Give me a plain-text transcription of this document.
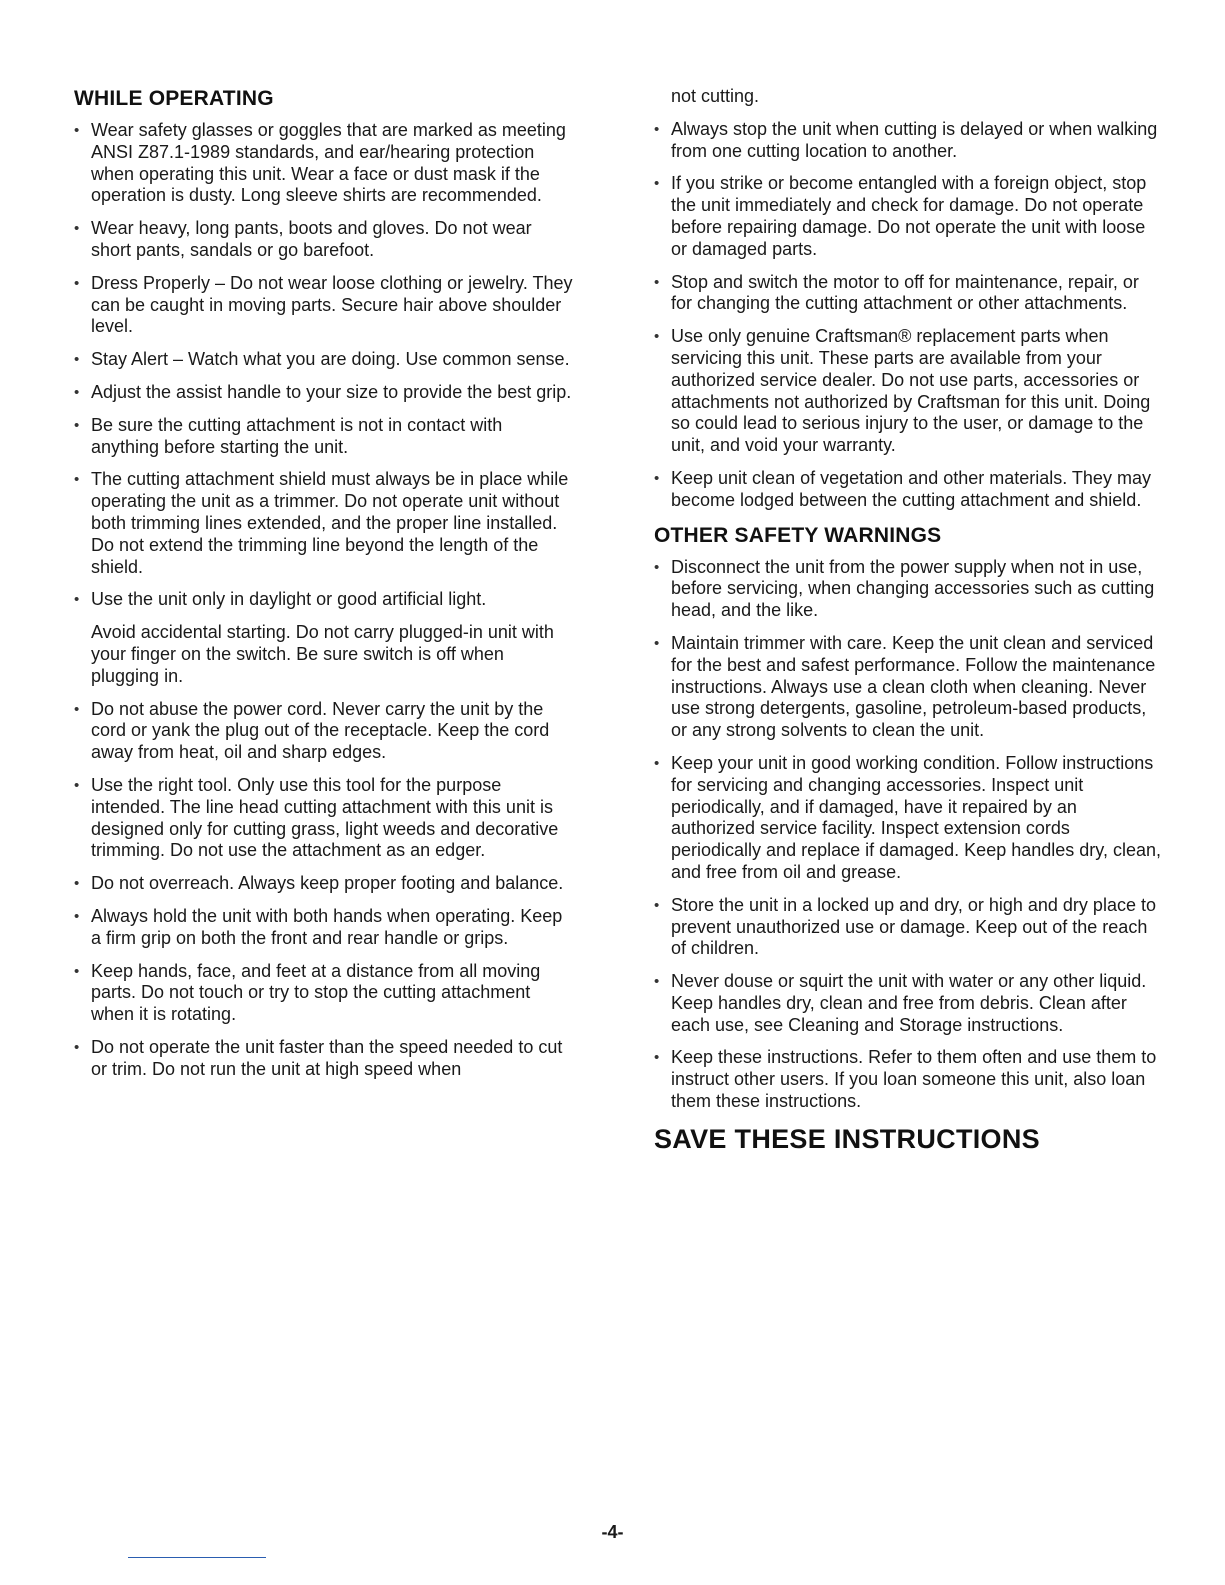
WHILE OPERATING
• Wear safety glasses or goggles that are marked as meeting ANSI Z87.1-1989 standards, and ear/hearing protection when operating this unit. Wear a face or dust mask if the operation is dusty. Long sleeve shirts are recommended.
• Wear heavy, long pants, boots and gloves. Do not wear short pants, sandals or go barefoot.
• Dress Properly – Do not wear loose clothing or jewelry. They can be caught in moving parts. Secure hair above shoulder level.
• Stay Alert – Watch what you are doing. Use common sense.
• Adjust the assist handle to your size to provide the best grip.
• Be sure the cutting attachment is not in contact with anything before starting the unit.
• The cutting attachment shield must always be in place while operating the unit as a trimmer. Do not operate unit without both trimming lines extended, and the proper line installed. Do not extend the trimming line beyond the length of the shield.
• Use the unit only in daylight or good artificial light.

Avoid accidental starting. Do not carry plugged-in unit with your finger on the switch. Be sure switch is off when plugging in.

• Do not abuse the power cord. Never carry the unit by the cord or yank the plug out of the receptacle. Keep the cord away from heat, oil and sharp edges.
• Use the right tool. Only use this tool for the purpose intended. The line head cutting attachment with this unit is designed only for cutting grass, light weeds and decorative trimming. Do not use the attachment as an edger.
• Do not overreach. Always keep proper footing and balance.
• Always hold the unit with both hands when operating. Keep a firm grip on both the front and rear handle or grips.
• Keep hands, face, and feet at a distance from all moving parts. Do not touch or try to stop the cutting attachment when it is rotating.
• Do not operate the unit faster than the speed needed to cut or trim. Do not run the unit at high speed when

not cutting.

• Always stop the unit when cutting is delayed or when walking from one cutting location to another.
• If you strike or become entangled with a foreign object, stop the unit immediately and check for damage. Do not operate before repairing damage. Do not operate the unit with loose or damaged parts.
• Stop and switch the motor to off for maintenance, repair, or for changing the cutting attachment or other attachments.
• Use only genuine Craftsman® replacement parts when servicing this unit. These parts are available from your authorized service dealer. Do not use parts, accessories or attachments not authorized by Craftsman for this unit. Doing so could lead to serious injury to the user, or damage to the unit, and void your warranty.
• Keep unit clean of vegetation and other materials. They may become lodged between the cutting attachment and shield.
OTHER SAFETY WARNINGS
• Disconnect the unit from the power supply when not in use, before servicing, when changing accessories such as cutting head, and the like.
• Maintain trimmer with care. Keep the unit clean and serviced for the best and safest performance. Follow the maintenance instructions. Always use a clean cloth when cleaning. Never use strong detergents, gasoline, petroleum-based products, or any strong solvents to clean the unit.
• Keep your unit in good working condition. Follow instructions for servicing and changing accessories. Inspect unit periodically, and if damaged, have it repaired by an authorized service facility. Inspect extension cords periodically and replace if damaged. Keep handles dry, clean, and free from oil and grease.
• Store the unit in a locked up and dry, or high and dry place to prevent unauthorized use or damage. Keep out of the reach of children.
• Never douse or squirt the unit with water or any other liquid. Keep handles dry, clean and free from debris. Clean after each use, see Cleaning and Storage instructions.
• Keep these instructions. Refer to them often and use them to instruct other users. If you loan someone this unit, also loan them these instructions.
SAVE THESE INSTRUCTIONS
-4-
